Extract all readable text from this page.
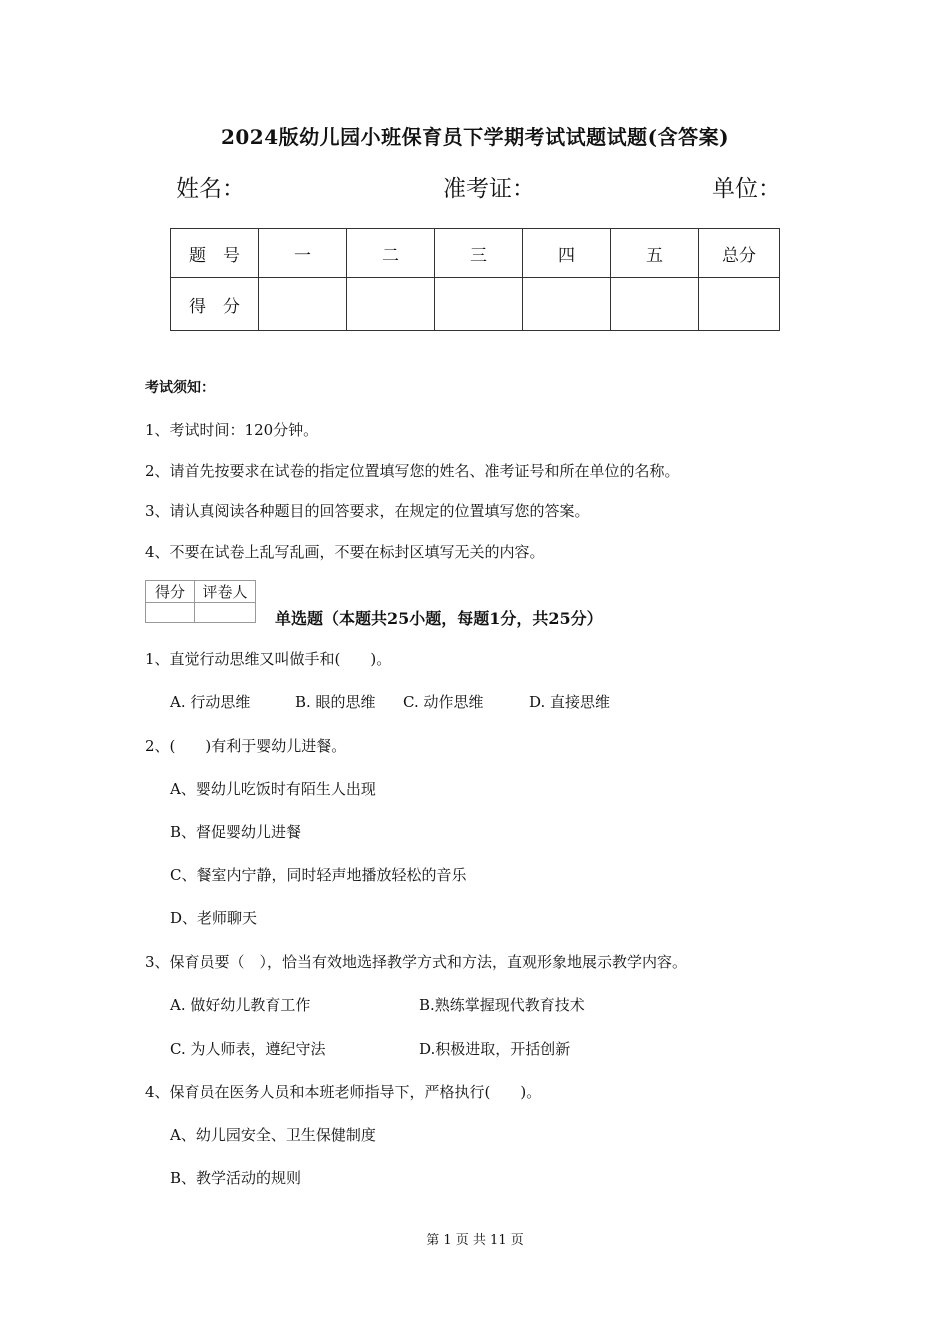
2024版幼儿园小班保育员下学期考试试题试题(含答案)
姓名：	准考证：	单位：
题　号	一	二	三	四	五	总分
得　分						
考试须知：
1、考试时间：120分钟。
2、请首先按要求在试卷的指定位置填写您的姓名、准考证号和所在单位的名称。
3、请认真阅读各种题目的回答要求，在规定的位置填写您的答案。
4、不要在试卷上乱写乱画，不要在标封区填写无关的内容。
得分	评卷人

单选题（本题共25小题，每题1分，共25分）
1、直觉行动思维又叫做手和(　　)。
A. 行动思维	B. 眼的思维 C. 动作思维	D. 直接思维
2、(　　)有利于婴幼儿进餐。
A、婴幼儿吃饭时有陌生人出现
B、督促婴幼儿进餐
C、餐室内宁静，同时轻声地播放轻松的音乐
D、老师聊天
3、保育员要（　），恰当有效地选择教学方式和方法，直观形象地展示教学内容。
A. 做好幼儿教育工作	B.熟练掌握现代教育技术
C. 为人师表，遵纪守法	D.积极进取，开括创新
4、保育员在医务人员和本班老师指导下，严格执行(　　)。
A、幼儿园安全、卫生保健制度
B、教学活动的规则
第 1 页 共 11 页
